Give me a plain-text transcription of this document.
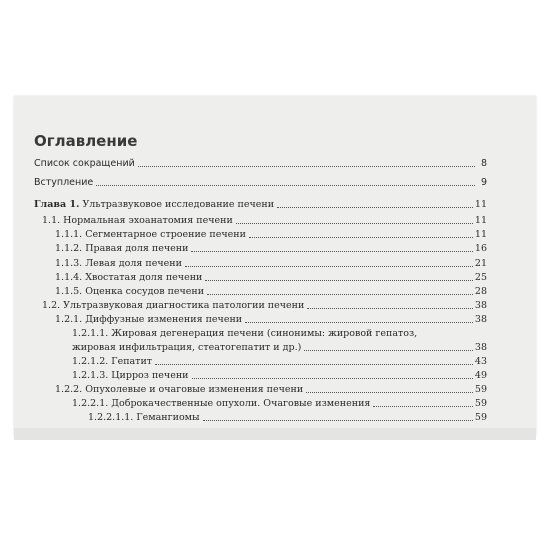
Оглавление
Список сокращений	8
Вступление	9
Глава 1. Ультразвуковое исследование печени	11
1.1. Нормальная эхоанатомия печени	11
1.1.1. Сегментарное строение печени	11
1.1.2. Правая доля печени	16
1.1.3. Левая доля печени	21
1.1.4. Хвостатая доля печени	25
1.1.5. Оценка сосудов печени	28
1.2. Ультразвуковая диагностика патологии печени	38
1.2.1. Диффузные изменения печени	38
1.2.1.1. Жировая дегенерация печени (синонимы: жировой гепатоз,
жировая инфильтрация, стеатогепатит и др.)	38
1.2.1.2. Гепатит	43
1.2.1.3. Цирроз печени	49
1.2.2. Опухолевые и очаговые изменения печени	59
1.2.2.1. Доброкачественные опухоли. Очаговые изменения	59
1.2.2.1.1. Гемангиомы	59
